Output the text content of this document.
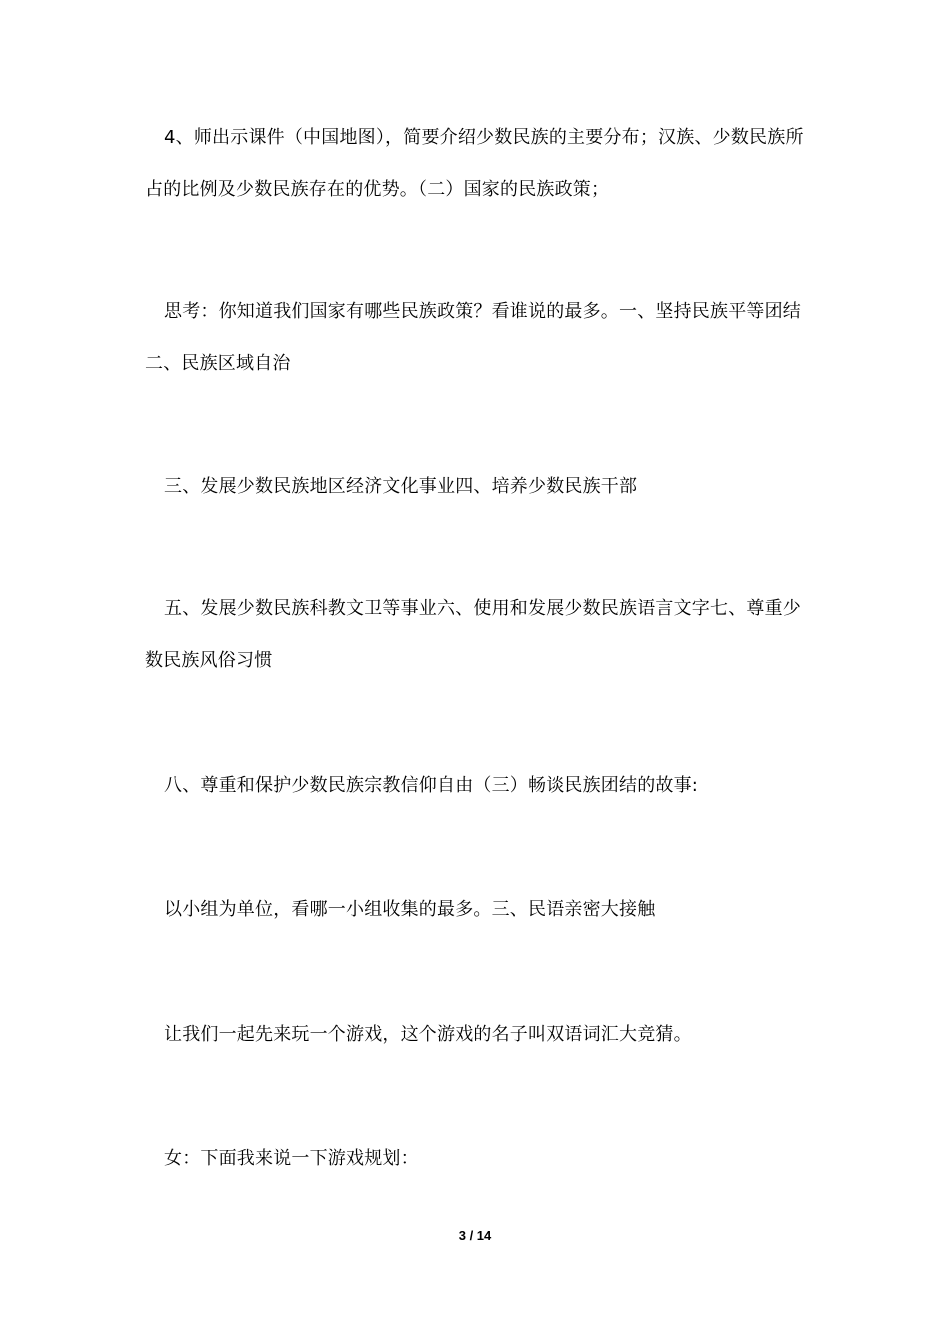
4、师出示课件（中国地图），简要介绍少数民族的主要分布；汉族、少数民族所占的比例及少数民族存在的优势。（二）国家的民族政策；

思考：你知道我们国家有哪些民族政策？看谁说的最多。一、坚持民族平等团结二、民族区域自治

三、发展少数民族地区经济文化事业四、培养少数民族干部

五、发展少数民族科教文卫等事业六、使用和发展少数民族语言文字七、尊重少数民族风俗习惯

八、尊重和保护少数民族宗教信仰自由（三）畅谈民族团结的故事:

以小组为单位，看哪一小组收集的最多。三、民语亲密大接触

让我们一起先来玩一个游戏，这个游戏的名子叫双语词汇大竞猜。

女：下面我来说一下游戏规划：

3 / 14
